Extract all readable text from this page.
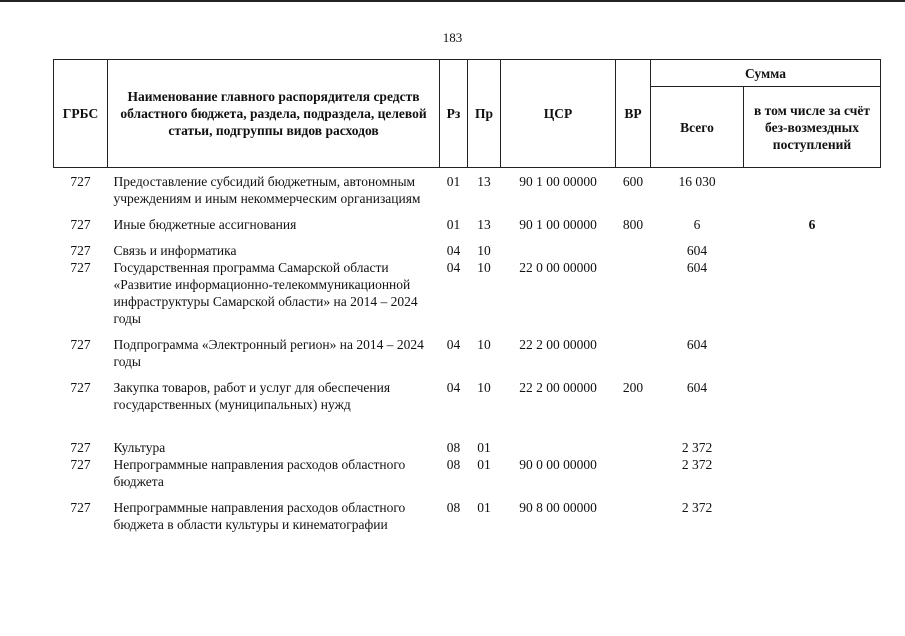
183
ГРБС	Наименование главного распорядителя средств областного бюджета, раздела, подраздела, целевой статьи, подгруппы видов расходов	Рз	Пр	ЦСР	ВР	Сумма	
						Всего	в том числе за счёт без-возмездных поступлений
727	Предоставление субсидий бюджетным, автономным учреждениям и иным некоммерческим организациям	01	13	90 1 00 00000	600	16 030	
727	Иные бюджетные ассигнования	01	13	90 1 00 00000	800	6	6
727	Связь и информатика	04	10			604	
727	Государственная программа Самарской области «Развитие информационно-телекоммуникационной инфраструктуры Самарской области» на 2014 – 2024 годы	04	10	22 0 00 00000		604	
727	Подпрограмма «Электронный регион» на 2014 – 2024 годы	04	10	22 2 00 00000		604	
727	Закупка товаров, работ и услуг для обеспечения государственных (муниципальных) нужд	04	10	22 2 00 00000	200	604	
727	Культура	08	01			2 372	
727	Непрограммные направления расходов областного бюджета	08	01	90 0 00 00000		2 372	
727	Непрограммные направления расходов областного бюджета в области культуры и кинематографии	08	01	90 8 00 00000		2 372	
